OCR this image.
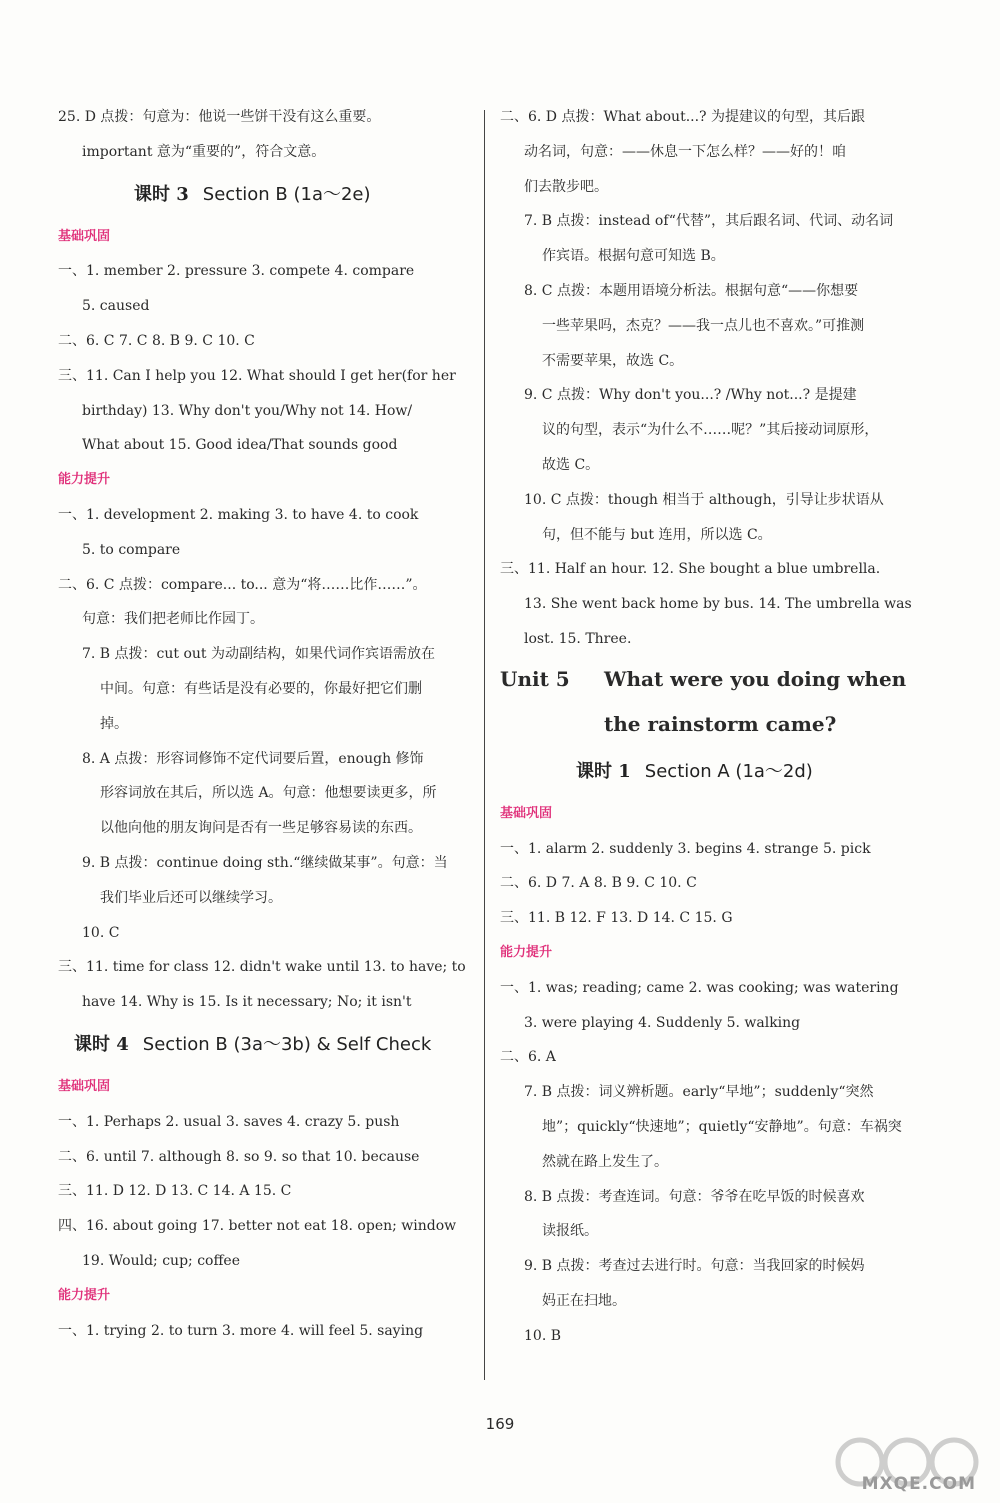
25. D 点拨：句意为：他说一些饼干没有这么重要。
important 意为“重要的”，符合文意。
课时 3 Section B (1a～2e)
基础巩固
一、1. member 2. pressure 3. compete 4. compare
5. caused
二、6. C 7. C 8. B 9. C 10. C
三、11. Can I help you 12. What should I get her(for her
birthday) 13. Why don't you/Why not 14. How/
What about 15. Good idea/That sounds good
能力提升
一、1. development 2. making 3. to have 4. to cook
5. to compare
二、6. C 点拨：compare... to... 意为“将……比作……”。
句意：我们把老师比作园丁。
7. B 点拨：cut out 为动副结构，如果代词作宾语需放在
中间。句意：有些话是没有必要的，你最好把它们删
掉。
8. A 点拨：形容词修饰不定代词要后置，enough 修饰
形容词放在其后，所以选 A。句意：他想要读更多，所
以他向他的朋友询问是否有一些足够容易读的东西。
9. B 点拨：continue doing sth.“继续做某事”。句意：当
我们毕业后还可以继续学习。
10. C
三、11. time for class 12. didn't wake until 13. to have; to
have 14. Why is 15. Is it necessary; No; it isn't
课时 4 Section B (3a～3b) & Self Check
基础巩固
一、1. Perhaps 2. usual 3. saves 4. crazy 5. push
二、6. until 7. although 8. so 9. so that 10. because
三、11. D 12. D 13. C 14. A 15. C
四、16. about going 17. better not eat 18. open; window
19. Would; cup; coffee
能力提升
一、1. trying 2. to turn 3. more 4. will feel 5. saying
二、6. D 点拨：What about...? 为提建议的句型，其后跟
动名词，句意：——休息一下怎么样？——好的！咱
们去散步吧。
7. B 点拨：instead of“代替”，其后跟名词、代词、动名词
作宾语。根据句意可知选 B。
8. C 点拨：本题用语境分析法。根据句意“——你想要
一些苹果吗，杰克？——我一点儿也不喜欢。”可推测
不需要苹果，故选 C。
9. C 点拨：Why don't you...? /Why not...? 是提建
议的句型，表示“为什么不……呢？”其后接动词原形，
故选 C。
10. C 点拨：though 相当于 although，引导让步状语从
句，但不能与 but 连用，所以选 C。
三、11. Half an hour. 12. She bought a blue umbrella.
13. She went back home by bus. 14. The umbrella was
lost. 15. Three.
Unit 5 What were you doing when
the rainstorm came?
课时 1 Section A (1a～2d)
基础巩固
一、1. alarm 2. suddenly 3. begins 4. strange 5. pick
二、6. D 7. A 8. B 9. C 10. C
三、11. B 12. F 13. D 14. C 15. G
能力提升
一、1. was; reading; came 2. was cooking; was watering
3. were playing 4. Suddenly 5. walking
二、6. A
7. B 点拨：词义辨析题。early“早地”；suddenly“突然
地”；quickly“快速地”；quietly“安静地”。句意：车祸突
然就在路上发生了。
8. B 点拨：考查连词。句意：爷爷在吃早饭的时候喜欢
读报纸。
9. B 点拨：考查过去进行时。句意：当我回家的时候妈
妈正在扫地。
10. B
169
MXQE.COM
